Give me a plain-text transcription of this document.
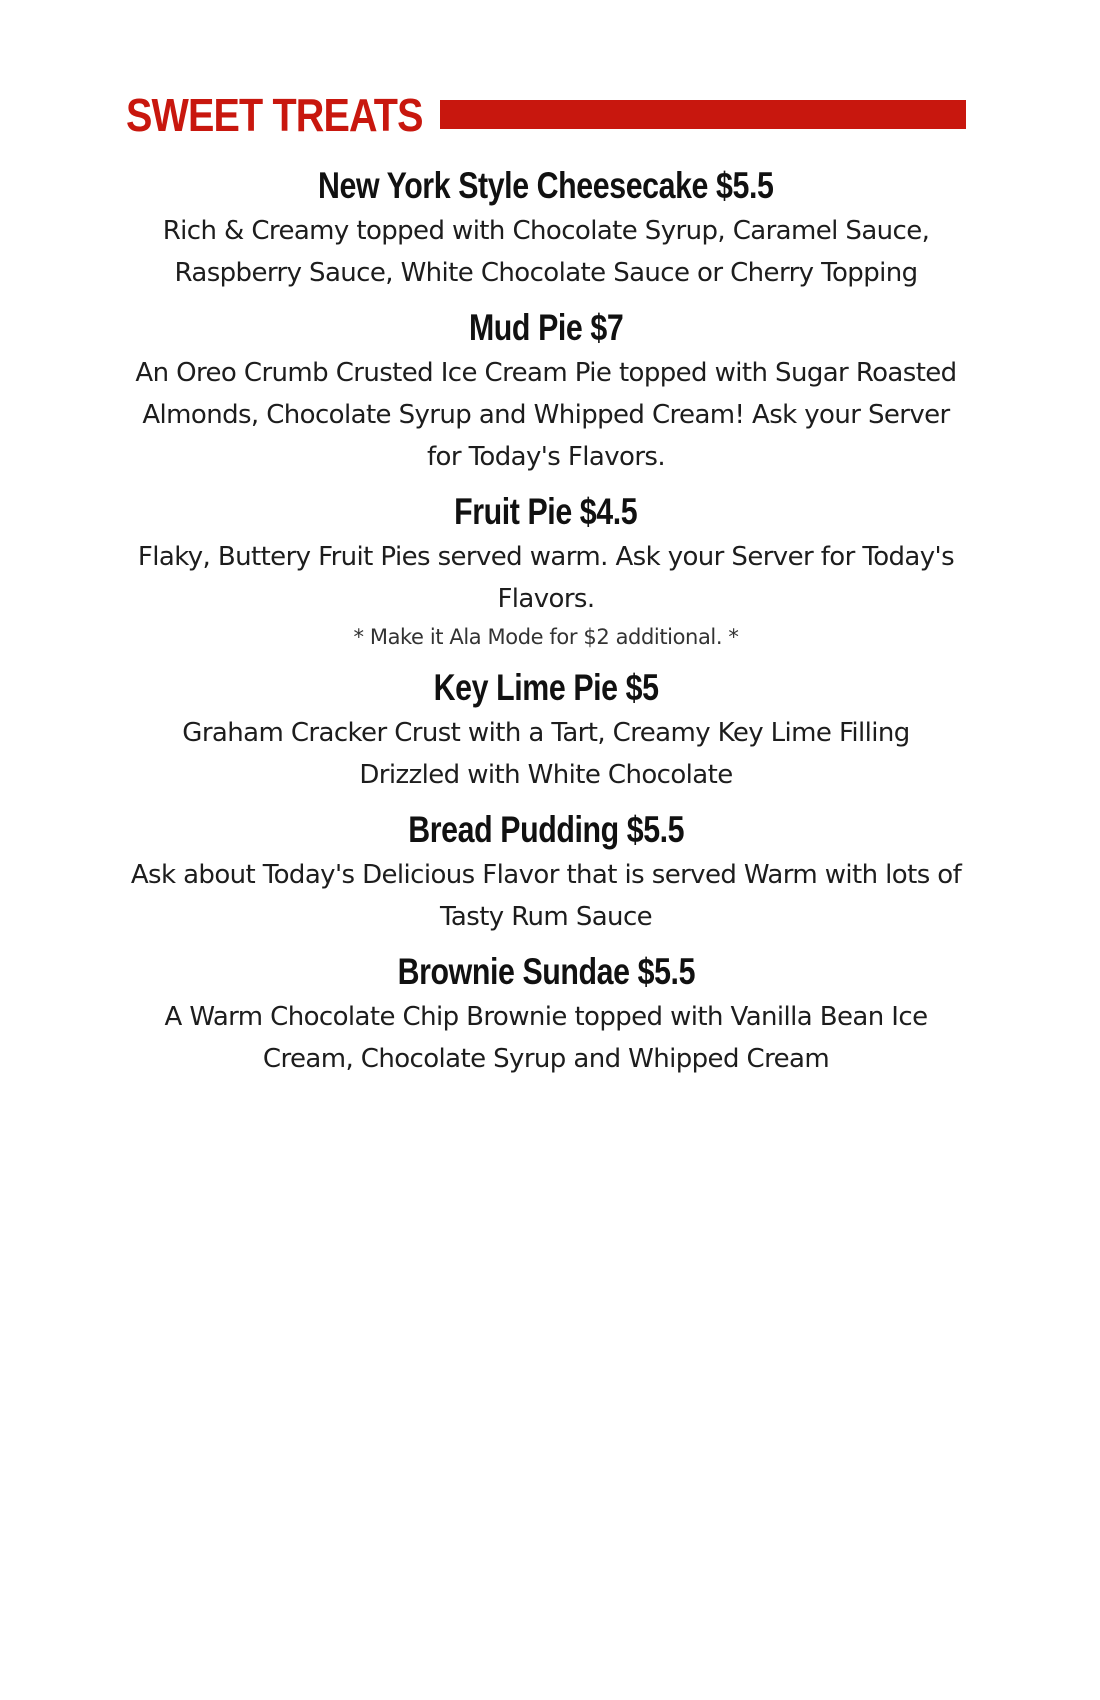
SWEET TREATS
New York Style Cheesecake $5.5

Rich & Creamy topped with Chocolate Syrup, Caramel Sauce, Raspberry Sauce, White Chocolate Sauce or Cherry Topping

Mud Pie $7

An Oreo Crumb Crusted Ice Cream Pie topped with Sugar Roasted Almonds, Chocolate Syrup and Whipped Cream! Ask your Server for Today's Flavors.

Fruit Pie $4.5

Flaky, Buttery Fruit Pies served warm. Ask your Server for Today's Flavors.

* Make it Ala Mode for $2 additional. *

Key Lime Pie $5

Graham Cracker Crust with a Tart, Creamy Key Lime Filling Drizzled with White Chocolate

Bread Pudding $5.5

Ask about Today's Delicious Flavor that is served Warm with lots of Tasty Rum Sauce

Brownie Sundae $5.5

A Warm Chocolate Chip Brownie topped with Vanilla Bean Ice Cream, Chocolate Syrup and Whipped Cream
